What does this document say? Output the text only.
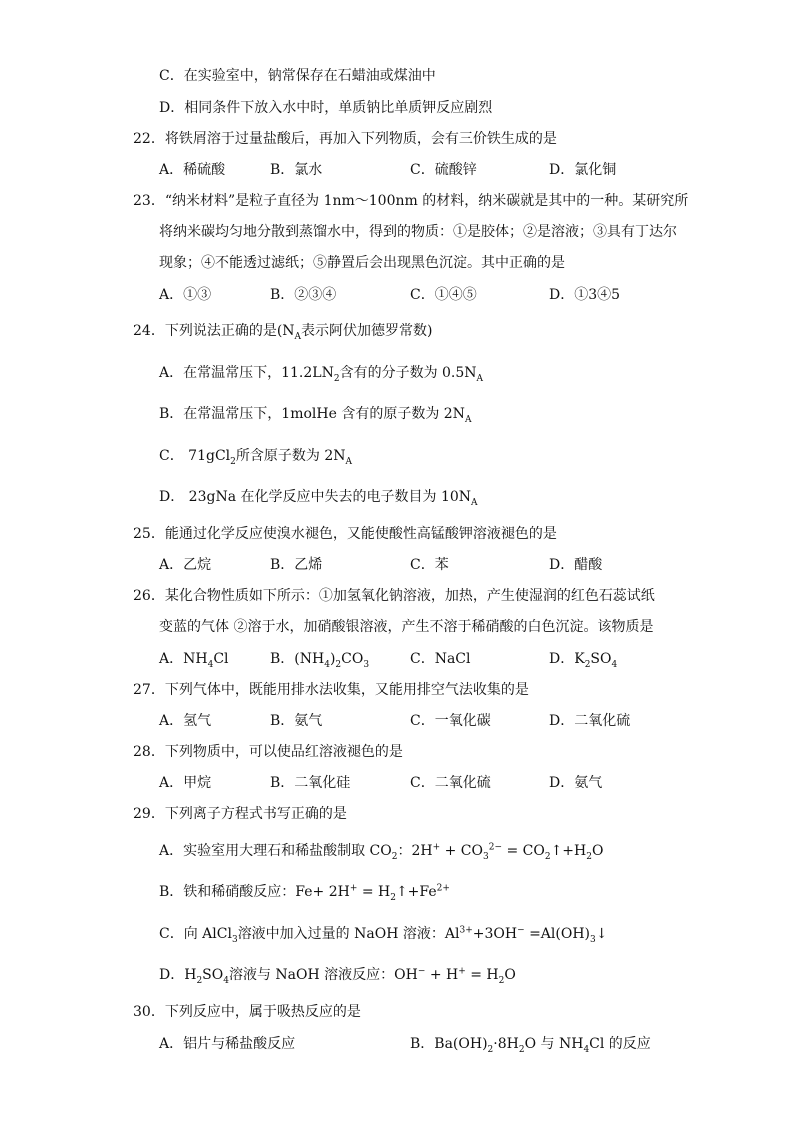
C．在实验室中，钠常保存在石蜡油或煤油中
D．相同条件下放入水中时，单质钠比单质钾反应剧烈
22．将铁屑溶于过量盐酸后，再加入下列物质，会有三价铁生成的是
A．稀硫酸	B．氯水	C．硫酸锌	D．氯化铜
23．“纳米材料”是粒子直径为 1nm～100nm 的材料，纳米碳就是其中的一种。某研究所
将纳米碳均匀地分散到蒸馏水中，得到的物质：①是胶体；②是溶液；③具有丁达尔
现象；④不能透过滤纸；⑤静置后会出现黑色沉淀。其中正确的是
A．①③	B．②③④	C．①④⑤	D．①3④5
24．下列说法正确的是($N_A$表示阿伏加德罗常数)
A．在常温常压下，$11.2LN_2$含有的分子数为 $0.5N_A$
B．在常温常压下，1molHe 含有的原子数为 $2N_A$
C． 71gCl$_2$所含原子数为 $2N_A$
D． 23gNa 在化学反应中失去的电子数目为 $10N_A$
25．能通过化学反应使溴水褪色，又能使酸性高锰酸钾溶液褪色的是
A．乙烷	B．乙烯	C．苯	D．醋酸
26．某化合物性质如下所示：①加氢氧化钠溶液，加热，产生使湿润的红色石蕊试纸
变蓝的气体 ②溶于水，加硝酸银溶液，产生不溶于稀硝酸的白色沉淀。该物质是
A．$NH_4Cl$	B．$(NH_4)_2CO_3$	C．NaCl	D．$K_2SO_4$
27．下列气体中，既能用排水法收集，又能用排空气法收集的是
A．氢气	B．氨气	C．一氧化碳	D．二氧化硫
28．下列物质中，可以使品红溶液褪色的是
A．甲烷	B．二氧化硅	C．二氧化硫	D．氨气
29．下列离子方程式书写正确的是
A．实验室用大理石和稀盐酸制取 $CO_2$：$2H^+ + CO_3^{2-}$ = $CO_2↑+H_2O$
B．铁和稀硝酸反应：$Fe+ 2H^+ = H_2↑+Fe^{2+}$
C．向 AlCl$_3$溶液中加入过量的 NaOH 溶液：$Al^{3+}+3OH^-$ $=Al(OH)_3↓$
D．$H_2SO_4$溶液与 NaOH 溶液反应：$OH^- + H^+ = H_2O$
30．下列反应中，属于吸热反应的是
A．铝片与稀盐酸反应	B．$Ba(OH)_2\cdot 8H_2O$ 与 $NH_4Cl$ 的反应
